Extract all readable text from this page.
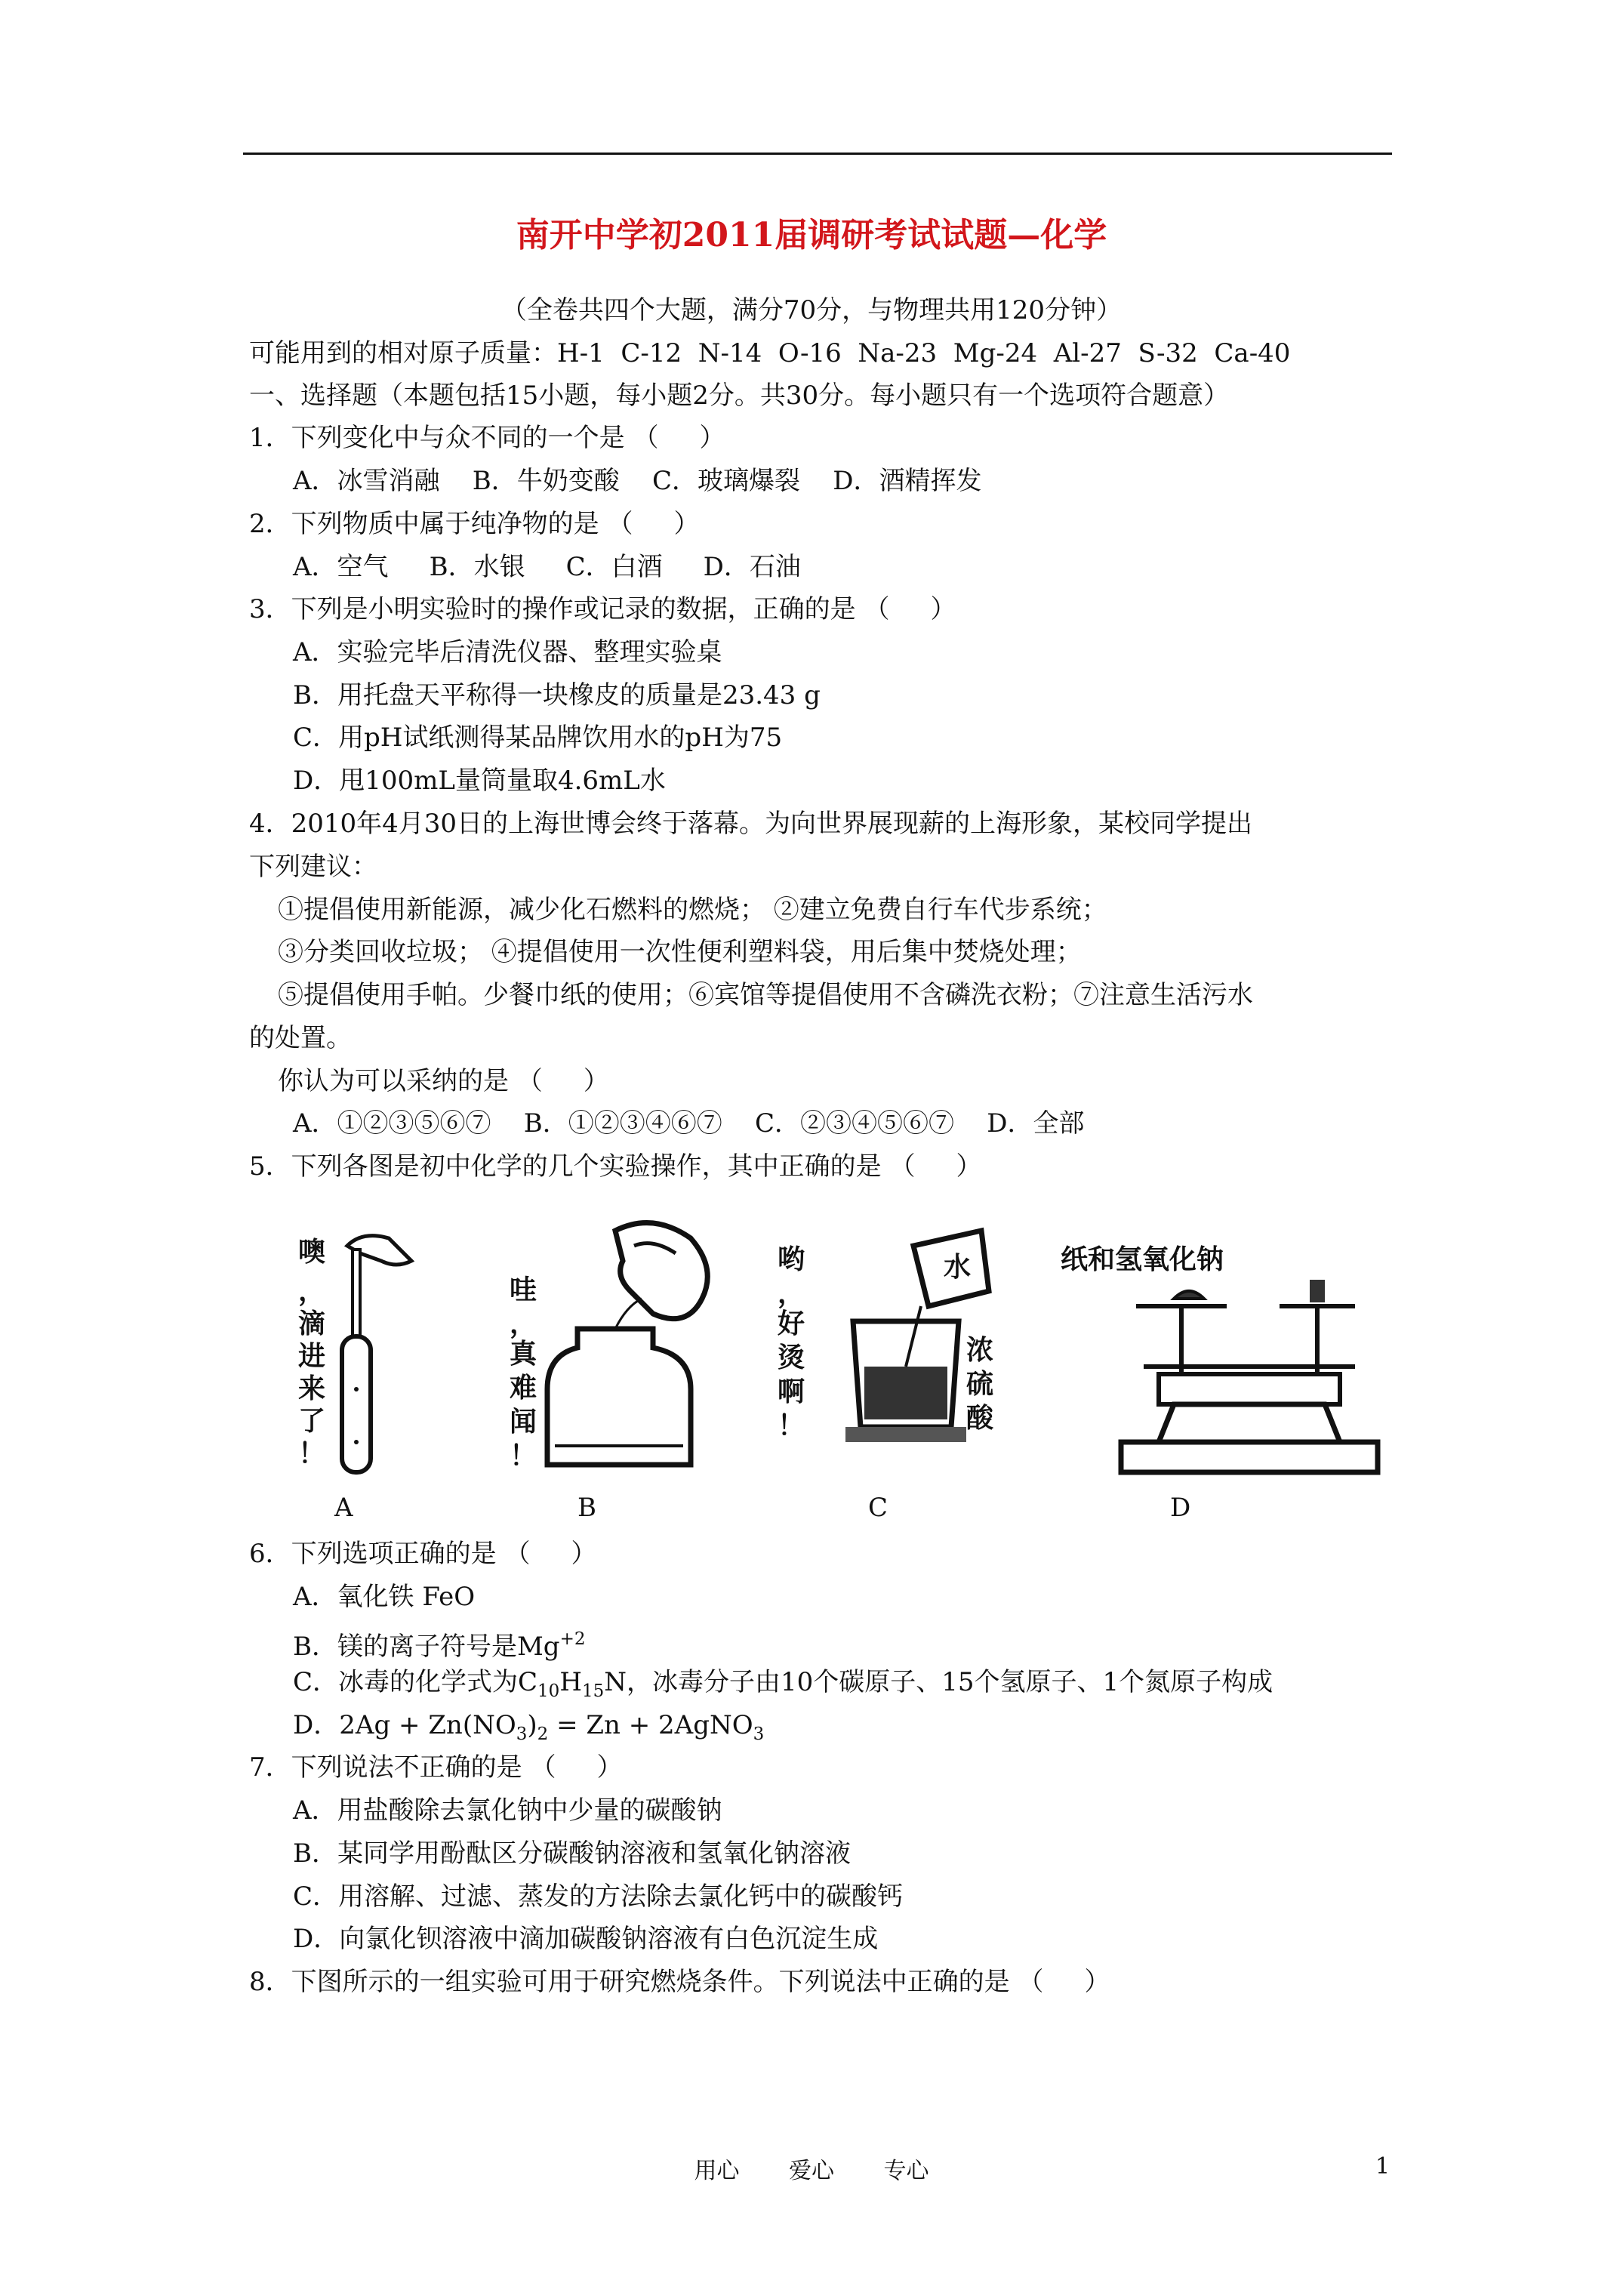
南开中学初2011届调研考试试题—化学
（全卷共四个大题，满分70分，与物理共用120分钟）
可能用到的相对原子质量：H-1  C-12  N-14  O-16  Na-23  Mg-24  Al-27  S-32  Ca-40
一、选择题（本题包括15小题，每小题2分。共30分。每小题只有一个选项符合题意）
1．下列变化中与众不同的一个是 （     ）
A．冰雪消融    B．牛奶变酸    C．玻璃爆裂    D．酒精挥发
2．下列物质中属于纯净物的是 （     ）
A．空气     B．水银     C．白酒     D．石油
3．下列是小明实验时的操作或记录的数据，正确的是 （     ）
A．实验完毕后清洗仪器、整理实验桌
B．用托盘天平称得一块橡皮的质量是23.43 g
C．用pH试纸测得某品牌饮用水的pH为75
D．甩100mL量筒量取4.6mL水
4．2010年4月30日的上海世博会终于落幕。为向世界展现薪的上海形象，某校同学提出
下列建议：
①提倡使用新能源，减少化石燃料的燃烧； ②建立免费自行车代步系统；
③分类回收垃圾； ④提倡使用一次性便利塑料袋，用后集中焚烧处理；
⑤提倡使用手帕。少餐巾纸的使用；⑥宾馆等提倡使用不含磷洗衣粉；⑦注意生活污水
的处置。
你认为可以采纳的是 （     ）
A．①②③⑤⑥⑦    B．①②③④⑥⑦    C．②③④⑤⑥⑦    D．全部
5．下列各图是初中化学的几个实验操作，其中正确的是 （     ）
噢，滴进来了！
哇，真难闻！
水
浓硫酸
哟，好烫啊！
纸和氢氧化钠
A	B	C	D
6．下列选项正确的是 （     ）
A．氧化铁 FeO
B．镁的离子符号是$Mg^{+2}$
C．冰毒的化学式为$C_{10}H_{15}N$，冰毒分子由10个碳原子、15个氢原子、1个氮原子构成
D．$2Ag + Zn(NO_3)_2 = Zn$ + 2AgNO$_3$
7．下列说法不正确的是 （     ）
A．用盐酸除去氯化钠中少量的碳酸钠
B．某同学用酚酞区分碳酸钠溶液和氢氧化钠溶液
C．用溶解、过滤、蒸发的方法除去氯化钙中的碳酸钙
D．向氯化钡溶液中滴加碳酸钠溶液有白色沉淀生成
8．下图所示的一组实验可用于研究燃烧条件。下列说法中正确的是 （     ）
用心 爱心 专心	1
